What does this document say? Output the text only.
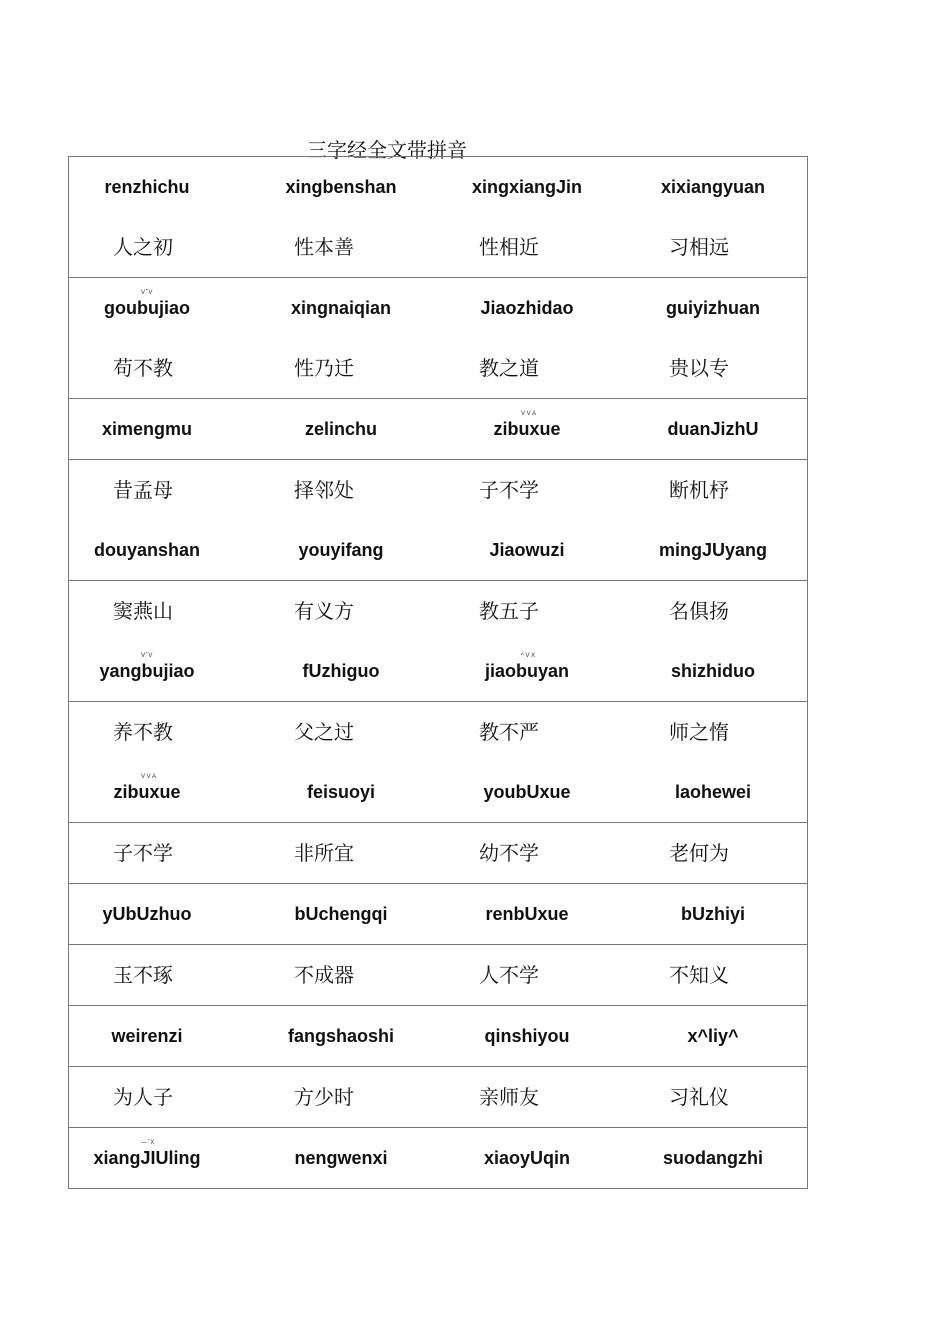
三字经全文带拼音
renzhichu	xingbenshan	xingxiangJin	xixiangyuan
人之初	性本善	性相近	习相远
goubujiao	xingnaiqian	Jiaozhidao	guiyizhuan
V ̂̂ V
苟不教	性乃迁	教之道	贵以专
ximengmu	zelinchu	zibuxue	duanJizhU
V V A
昔孟母	择邻处	子不学	断机杼
douyanshan	youyifang	Jiaowuzi	mingJUyang
窦燕山	有义方	教五子	名俱扬
yangbujiao	fUzhiguo	jiaobuyan	shizhiduo
V ̂ V	^ V X
养不教	父之过	教不严	师之惰
zibuxue	feisuoyi	youbUxue	laohewei
V V A
子不学	非所宜	幼不学	老何为
yUbUzhuo	bUchengqi	renbUxue	bUzhiyi
玉不琢	不成器	人不学	不知义
weirenzi	fangshaoshi	qinshiyou	x^liy^
为人子	方少时	亲师友	习礼仪
xiangJIUling	nengwenxi	xiaoyUqin	suodangzhi
— ̂ X
